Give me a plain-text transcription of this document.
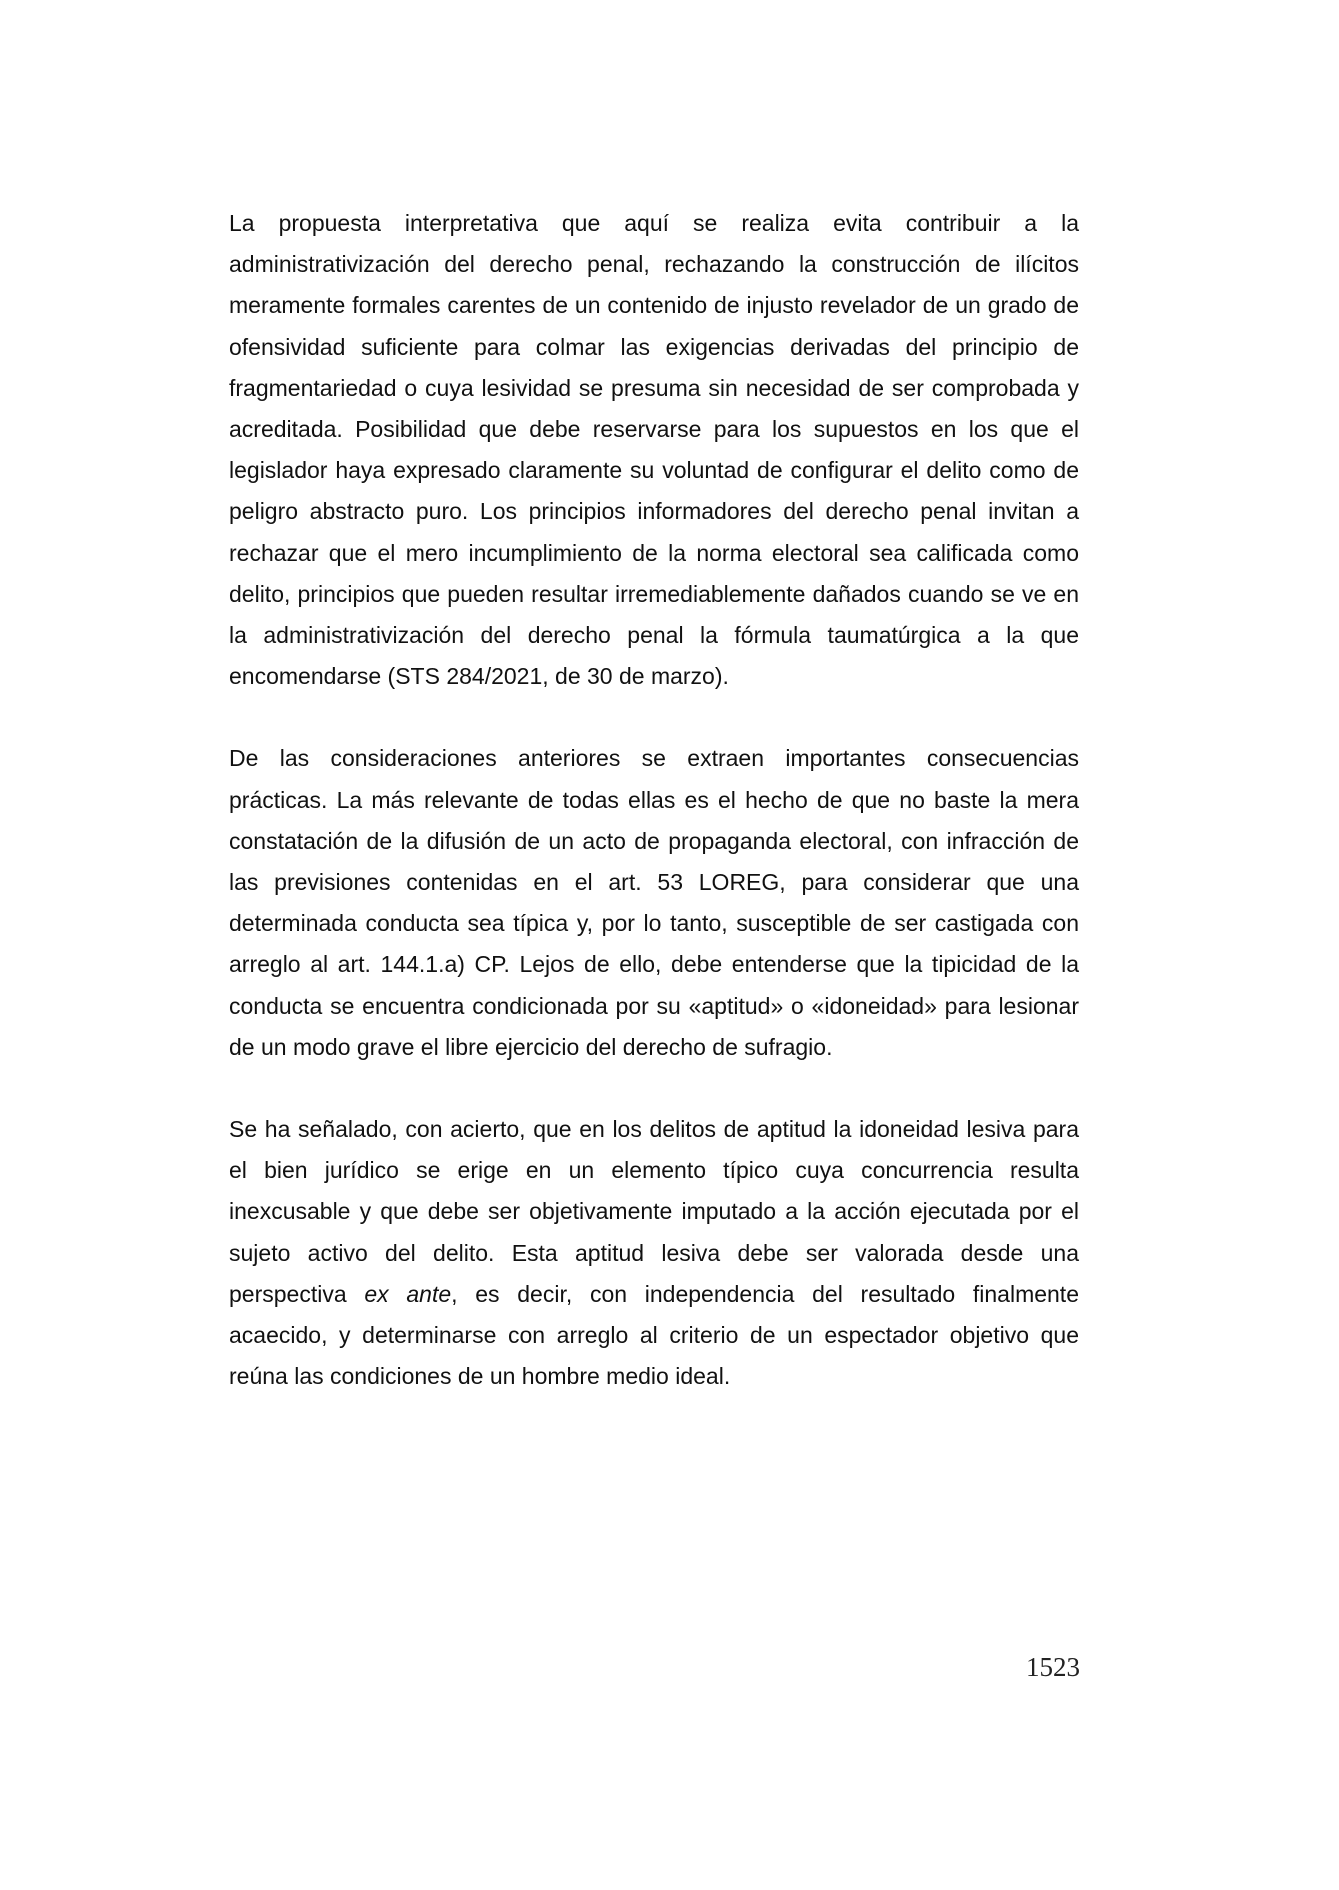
La propuesta interpretativa que aquí se realiza evita contribuir a la administrativización del derecho penal, rechazando la construcción de ilícitos meramente formales carentes de un contenido de injusto revelador de un grado de ofensividad suficiente para colmar las exigencias derivadas del principio de fragmentariedad o cuya lesividad se presuma sin necesidad de ser comprobada y acreditada. Posibilidad que debe reservarse para los supuestos en los que el legislador haya expresado claramente su voluntad de configurar el delito como de peligro abstracto puro. Los principios informadores del derecho penal invitan a rechazar que el mero incumplimiento de la norma electoral sea calificada como delito, principios que pueden resultar irremediablemente dañados cuando se ve en la administrativización del derecho penal la fórmula taumatúrgica a la que encomendarse (STS 284/2021, de 30 de marzo).

De las consideraciones anteriores se extraen importantes consecuencias prácticas. La más relevante de todas ellas es el hecho de que no baste la mera constatación de la difusión de un acto de propaganda electoral, con infracción de las previsiones contenidas en el art. 53 LOREG, para considerar que una determinada conducta sea típica y, por lo tanto, susceptible de ser castigada con arreglo al art. 144.1.a) CP. Lejos de ello, debe entenderse que la tipicidad de la conducta se encuentra condicionada por su «aptitud» o «idoneidad» para lesionar de un modo grave el libre ejercicio del derecho de sufragio.

Se ha señalado, con acierto, que en los delitos de aptitud la idoneidad lesiva para el bien jurídico se erige en un elemento típico cuya concurrencia resulta inexcusable y que debe ser objetivamente imputado a la acción ejecutada por el sujeto activo del delito. Esta aptitud lesiva debe ser valorada desde una perspectiva ex ante, es decir, con independencia del resultado finalmente acaecido, y determinarse con arreglo al criterio de un espectador objetivo que reúna las condiciones de un hombre medio ideal.

1523
